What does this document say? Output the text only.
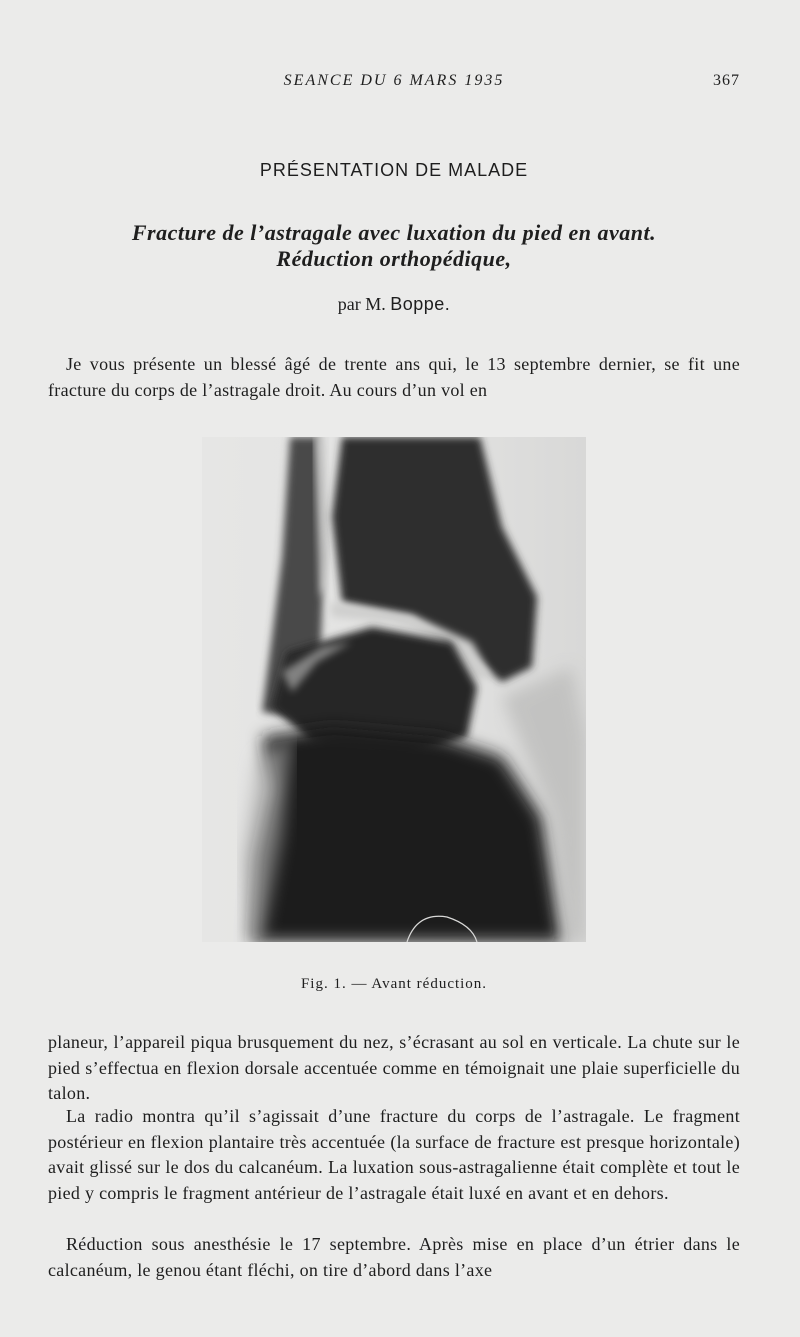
SEANCE DU 6 MARS 1935	367
PRÉSENTATION DE MALADE
Fracture de l’astragale avec luxation du pied en avant.
Réduction orthopédique,
par M. Boppe.

Je vous présente un blessé âgé de trente ans qui, le 13 septembre dernier, se fit une fracture du corps de l’astragale droit. Au cours d’un vol en

Fig. 1. — Avant réduction.

planeur, l’appareil piqua brusquement du nez, s’écrasant au sol en verticale. La chute sur le pied s’effectua en flexion dorsale accentuée comme en témoignait une plaie superficielle du talon.

La radio montra qu’il s’agissait d’une fracture du corps de l’astragale. Le fragment postérieur en flexion plantaire très accentuée (la surface de fracture est presque horizontale) avait glissé sur le dos du calcanéum. La luxation sous-astragalienne était complète et tout le pied y compris le fragment antérieur de l’astragale était luxé en avant et en dehors.

Réduction sous anesthésie le 17 septembre. Après mise en place d’un étrier dans le calcanéum, le genou étant fléchi, on tire d’abord dans l’axe
